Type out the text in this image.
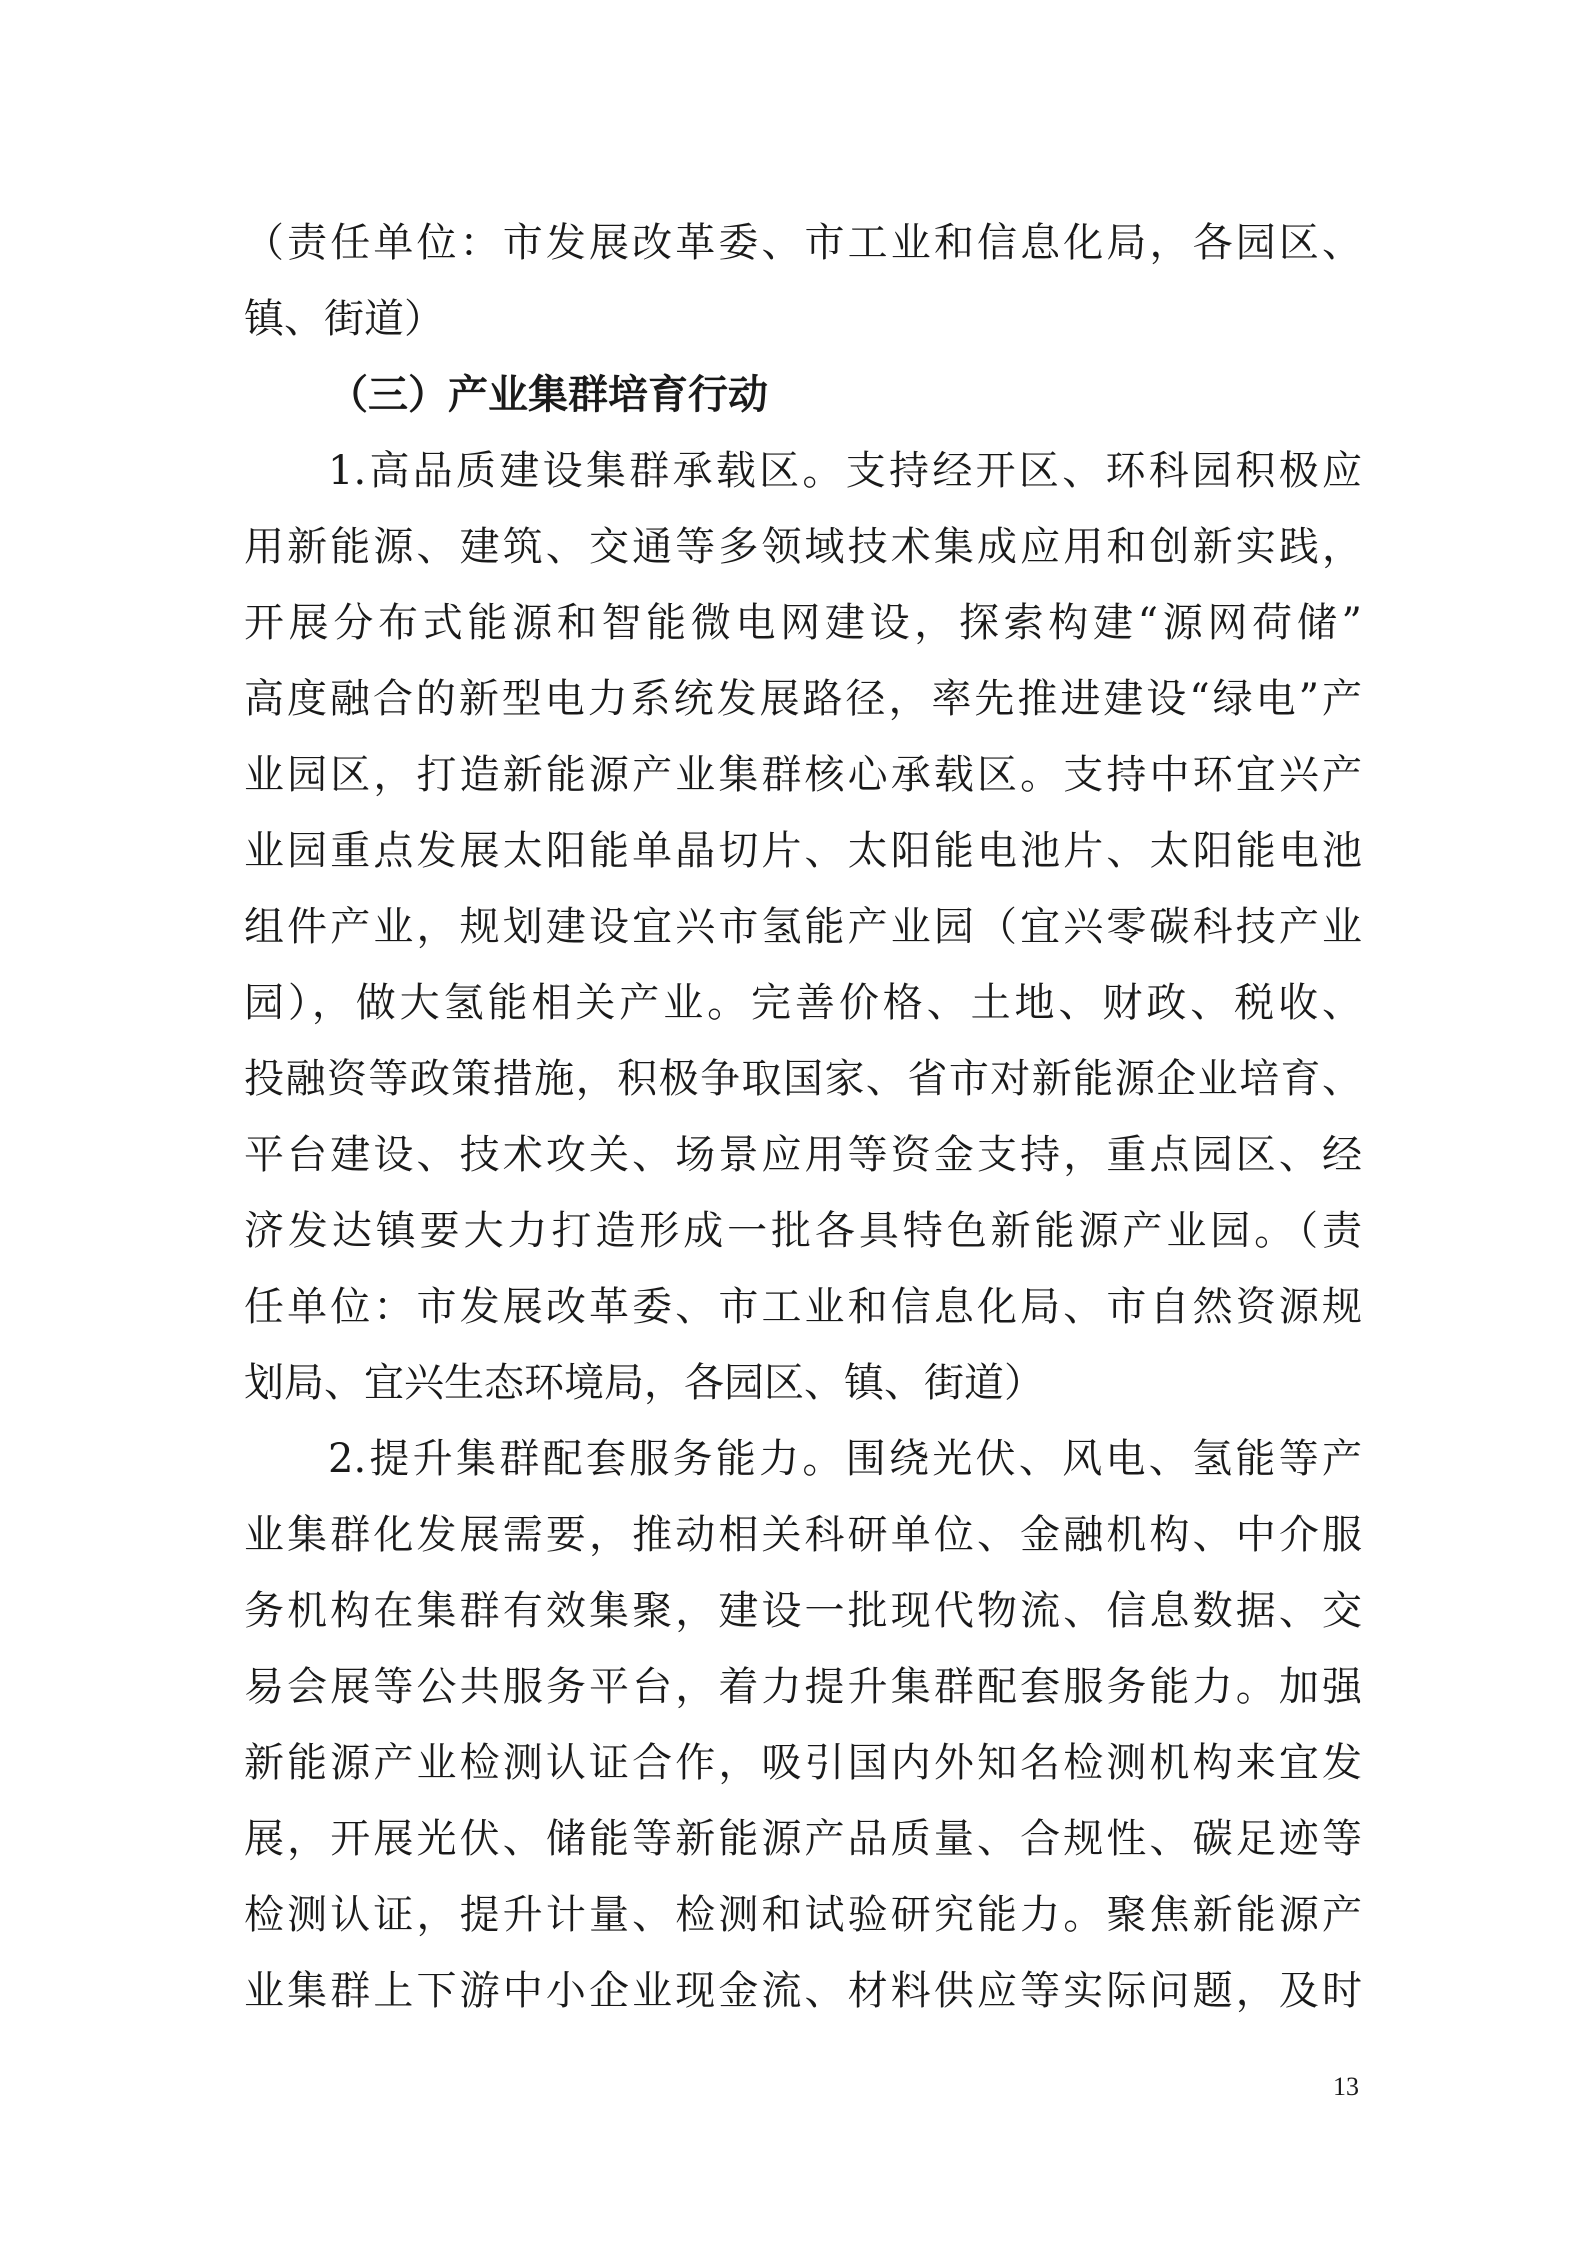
（责任单位：市发展改革委、市工业和信息化局，各园区、
镇、街道）
（三）产业集群培育行动
1.高品质建设集群承载区。支持经开区、环科园积极应
用新能源、建筑、交通等多领域技术集成应用和创新实践，
开展分布式能源和智能微电网建设，探索构建“源网荷储”
高度融合的新型电力系统发展路径，率先推进建设“绿电”产
业园区，打造新能源产业集群核心承载区。支持中环宜兴产
业园重点发展太阳能单晶切片、太阳能电池片、太阳能电池
组件产业，规划建设宜兴市氢能产业园（宜兴零碳科技产业
园），做大氢能相关产业。完善价格、土地、财政、税收、
投融资等政策措施，积极争取国家、省市对新能源企业培育、
平台建设、技术攻关、场景应用等资金支持，重点园区、经
济发达镇要大力打造形成一批各具特色新能源产业园。（责
任单位：市发展改革委、市工业和信息化局、市自然资源规
划局、宜兴生态环境局，各园区、镇、街道）
2.提升集群配套服务能力。围绕光伏、风电、氢能等产
业集群化发展需要，推动相关科研单位、金融机构、中介服
务机构在集群有效集聚，建设一批现代物流、信息数据、交
易会展等公共服务平台，着力提升集群配套服务能力。加强
新能源产业检测认证合作，吸引国内外知名检测机构来宜发
展，开展光伏、储能等新能源产品质量、合规性、碳足迹等
检测认证，提升计量、检测和试验研究能力。聚焦新能源产
业集群上下游中小企业现金流、材料供应等实际问题，及时
13
